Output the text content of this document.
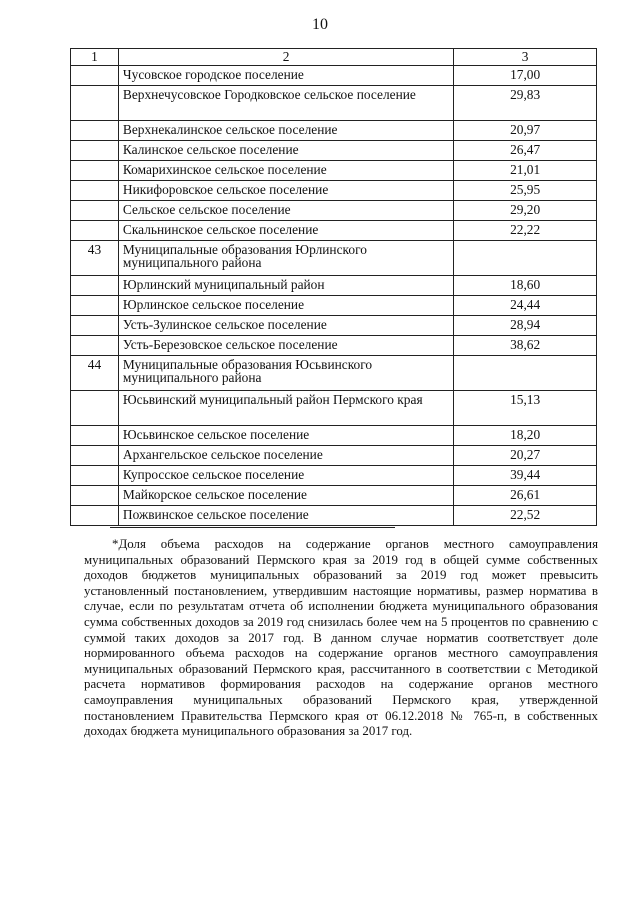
10
1	2	3
	Чусовское городское поселение	17,00
	Верхнечусовское Городковское сельское поселение	29,83
	Верхнекалинское сельское поселение	20,97
	Калинское сельское поселение	26,47
	Комарихинское сельское поселение	21,01
	Никифоровское сельское поселение	25,95
	Сельское сельское поселение	29,20
	Скальнинское сельское поселение	22,22
43	Муниципальные образования Юрлинского муниципального района	
	Юрлинский муниципальный район	18,60
	Юрлинское сельское поселение	24,44
	Усть-Зулинское сельское поселение	28,94
	Усть-Березовское сельское поселение	38,62
44	Муниципальные образования Юсьвинского муниципального района	
	Юсьвинский муниципальный район Пермского края	15,13
	Юсьвинское сельское поселение	18,20
	Архангельское сельское поселение	20,27
	Купросское сельское поселение	39,44
	Майкорское сельское поселение	26,61
	Пожвинское сельское поселение	22,52

*Доля объема расходов на содержание органов местного самоуправления муниципальных образований Пермского края за 2019 год в общей сумме собственных доходов бюджетов муниципальных образований за 2019 год может превысить установленный постановлением, утвердившим настоящие нормативы, размер норматива в случае, если по результатам отчета об исполнении бюджета муниципального образования сумма собственных доходов за 2019 год снизилась более чем на 5 процентов по сравнению с суммой таких доходов за 2017 год. В данном случае норматив соответствует доле нормированного объема расходов на содержание органов местного самоуправления муниципальных образований Пермского края, рассчитанного в соответствии с Методикой расчета нормативов формирования расходов на содержание органов местного самоуправления муниципальных образований Пермского края, утвержденной постановлением Правительства Пермского края от 06.12.2018 № 765-п, в собственных доходах бюджета муниципального образования за 2017 год.
